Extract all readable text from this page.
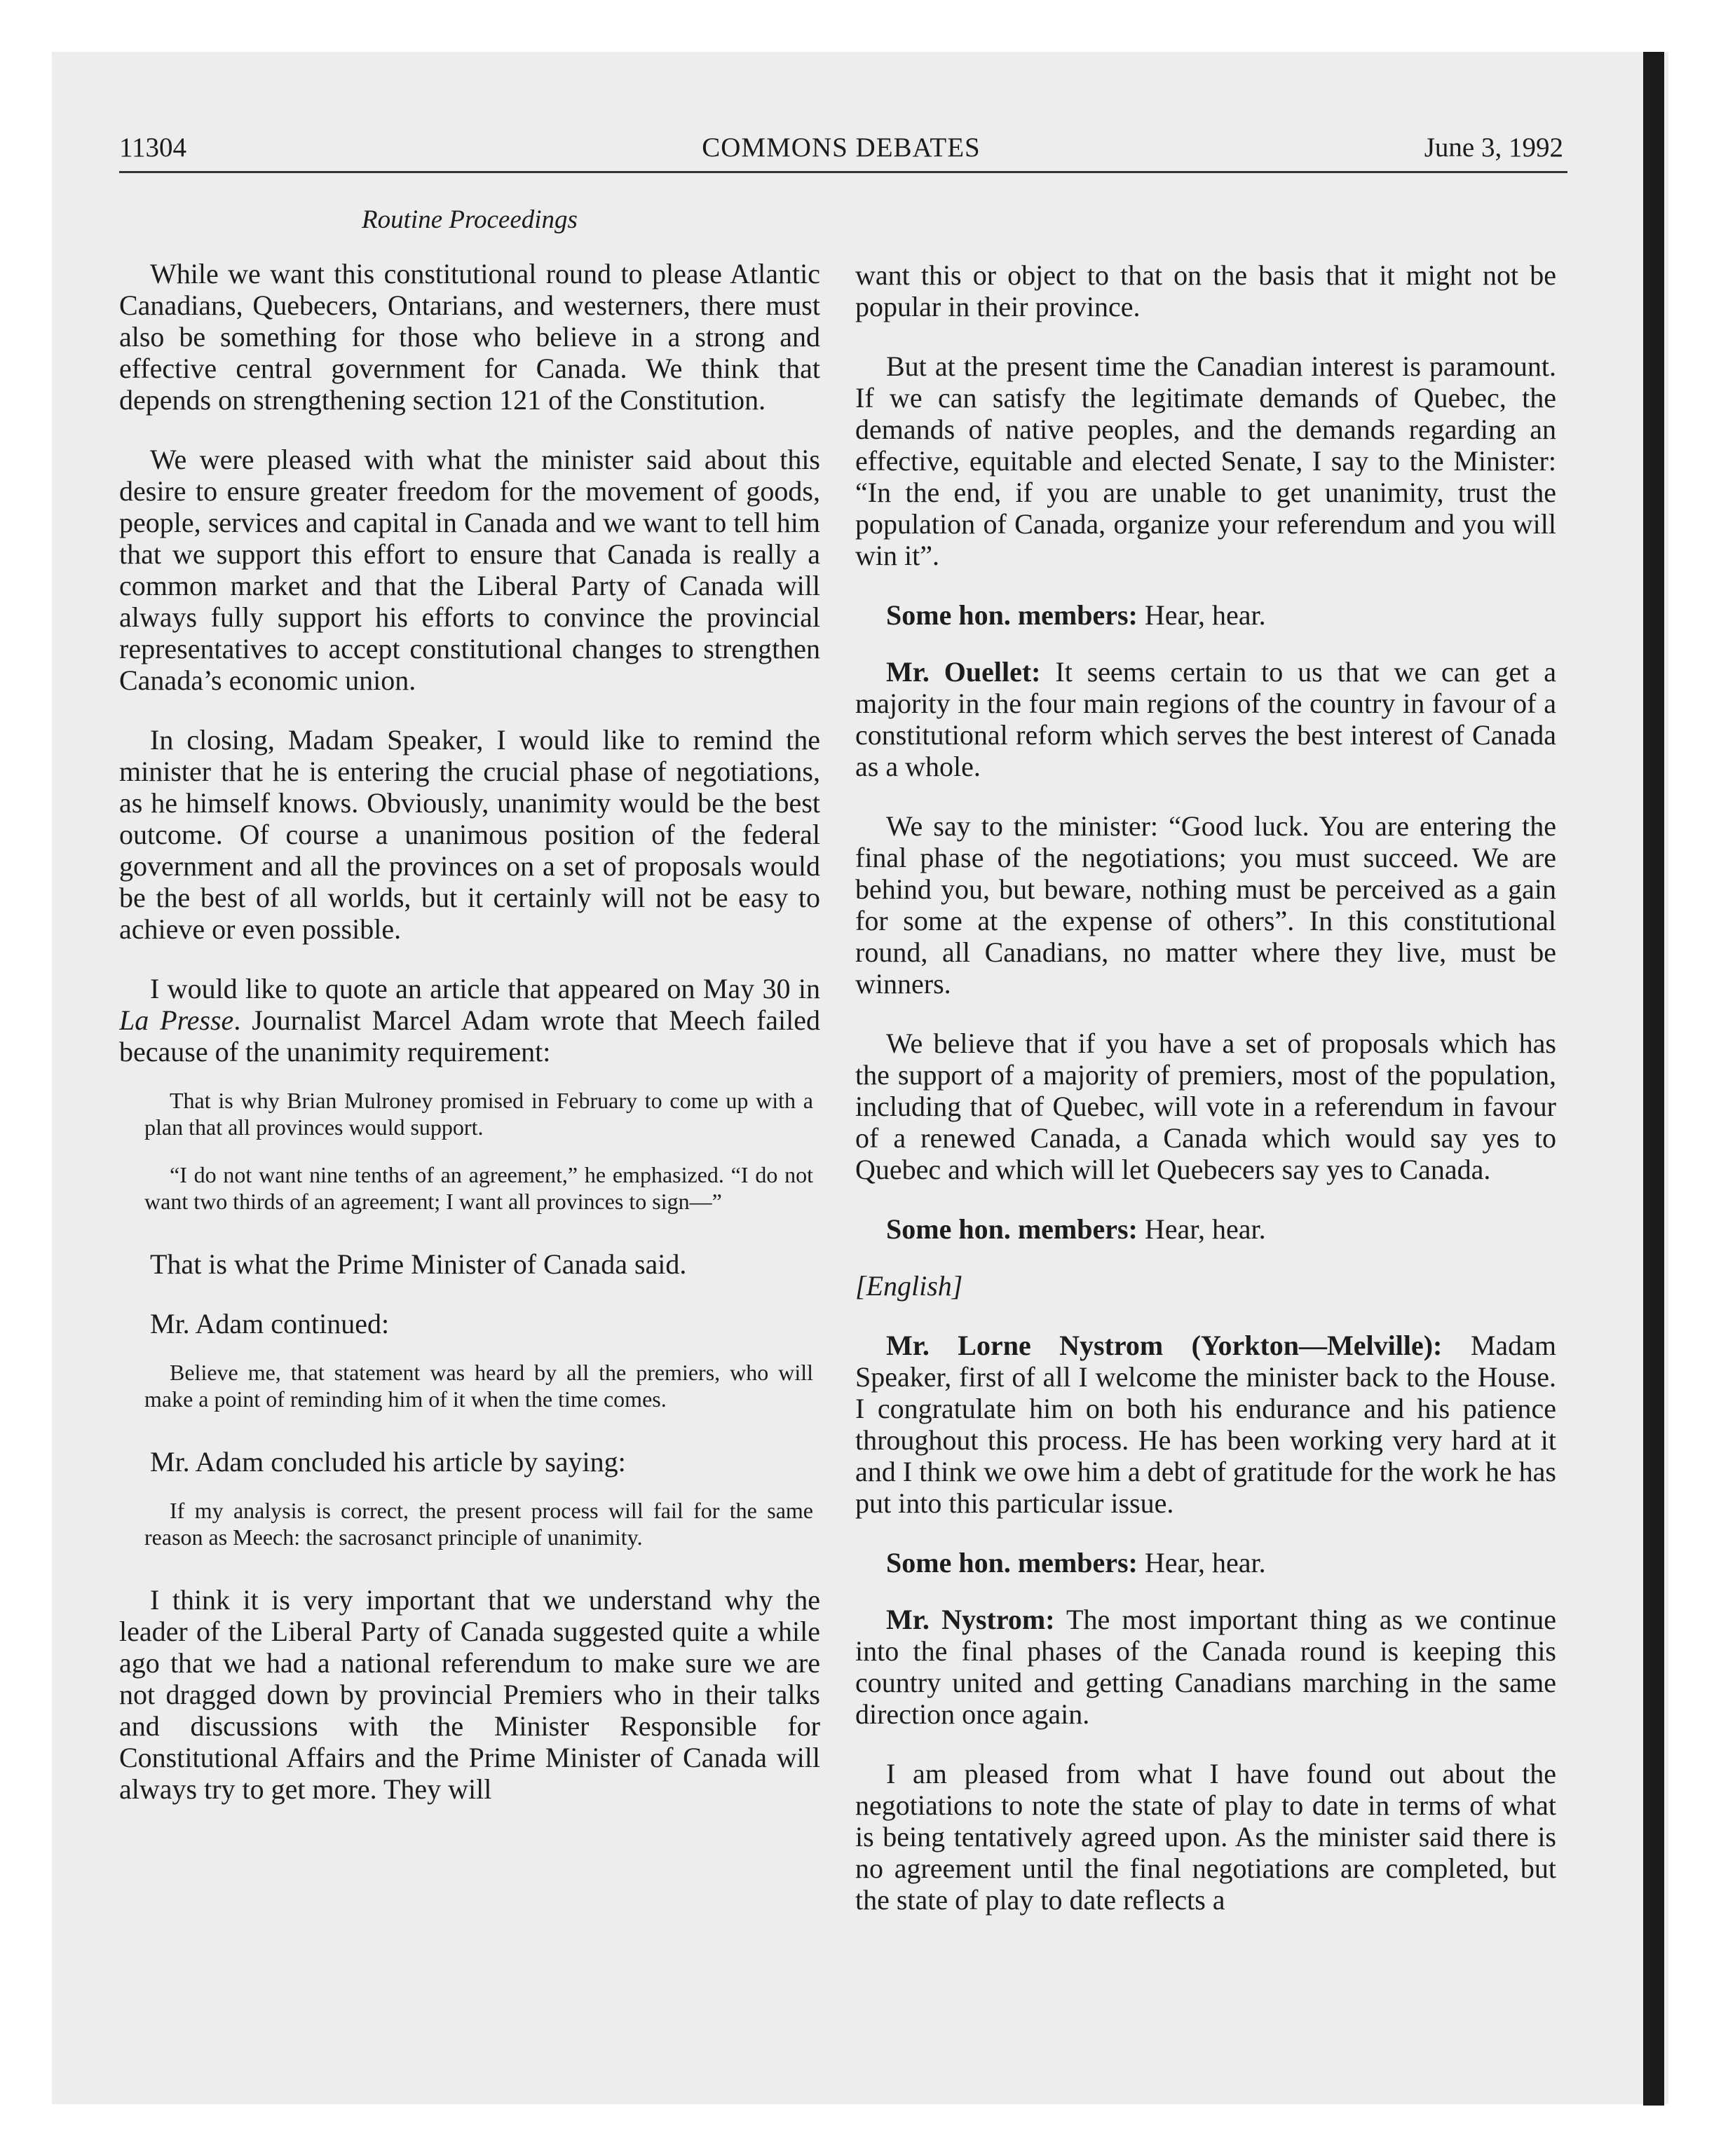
11304	COMMONS DEBATES	June 3, 1992
Routine Proceedings

While we want this constitutional round to please Atlantic Canadians, Quebecers, Ontarians, and westerners, there must also be something for those who believe in a strong and effective central government for Canada. We think that depends on strengthening section 121 of the Constitution.

We were pleased with what the minister said about this desire to ensure greater freedom for the movement of goods, people, services and capital in Canada and we want to tell him that we support this effort to ensure that Canada is really a common market and that the Liberal Party of Canada will always fully support his efforts to convince the provincial representatives to accept constitutional changes to strengthen Canada’s economic union.

In closing, Madam Speaker, I would like to remind the minister that he is entering the crucial phase of negotiations, as he himself knows. Obviously, unanimity would be the best outcome. Of course a unanimous position of the federal government and all the provinces on a set of proposals would be the best of all worlds, but it certainly will not be easy to achieve or even possible.

I would like to quote an article that appeared on May 30 in La Presse. Journalist Marcel Adam wrote that Meech failed because of the unanimity requirement:

That is why Brian Mulroney promised in February to come up with a plan that all provinces would support.

“I do not want nine tenths of an agreement,” he emphasized. “I do not want two thirds of an agreement; I want all provinces to sign—”

That is what the Prime Minister of Canada said.

Mr. Adam continued:

Believe me, that statement was heard by all the premiers, who will make a point of reminding him of it when the time comes.

Mr. Adam concluded his article by saying:

If my analysis is correct, the present process will fail for the same reason as Meech: the sacrosanct principle of unanimity.

I think it is very important that we understand why the leader of the Liberal Party of Canada suggested quite a while ago that we had a national referendum to make sure we are not dragged down by provincial Premiers who in their talks and discussions with the Minister Responsible for Constitutional Affairs and the Prime Minister of Canada will always try to get more. They will

want this or object to that on the basis that it might not be popular in their province.

But at the present time the Canadian interest is paramount. If we can satisfy the legitimate demands of Quebec, the demands of native peoples, and the demands regarding an effective, equitable and elected Senate, I say to the Minister: “In the end, if you are unable to get unanimity, trust the population of Canada, organize your referendum and you will win it”.

Some hon. members: Hear, hear.

Mr. Ouellet: It seems certain to us that we can get a majority in the four main regions of the country in favour of a constitutional reform which serves the best interest of Canada as a whole.

We say to the minister: “Good luck. You are entering the final phase of the negotiations; you must succeed. We are behind you, but beware, nothing must be perceived as a gain for some at the expense of others”. In this constitutional round, all Canadians, no matter where they live, must be winners.

We believe that if you have a set of proposals which has the support of a majority of premiers, most of the population, including that of Quebec, will vote in a referendum in favour of a renewed Canada, a Canada which would say yes to Quebec and which will let Quebecers say yes to Canada.

Some hon. members: Hear, hear.

[English]

Mr. Lorne Nystrom (Yorkton—Melville): Madam Speaker, first of all I welcome the minister back to the House. I congratulate him on both his endurance and his patience throughout this process. He has been working very hard at it and I think we owe him a debt of gratitude for the work he has put into this particular issue.

Some hon. members: Hear, hear.

Mr. Nystrom: The most important thing as we continue into the final phases of the Canada round is keeping this country united and getting Canadians marching in the same direction once again.

I am pleased from what I have found out about the negotiations to note the state of play to date in terms of what is being tentatively agreed upon. As the minister said there is no agreement until the final negotiations are completed, but the state of play to date reflects a
